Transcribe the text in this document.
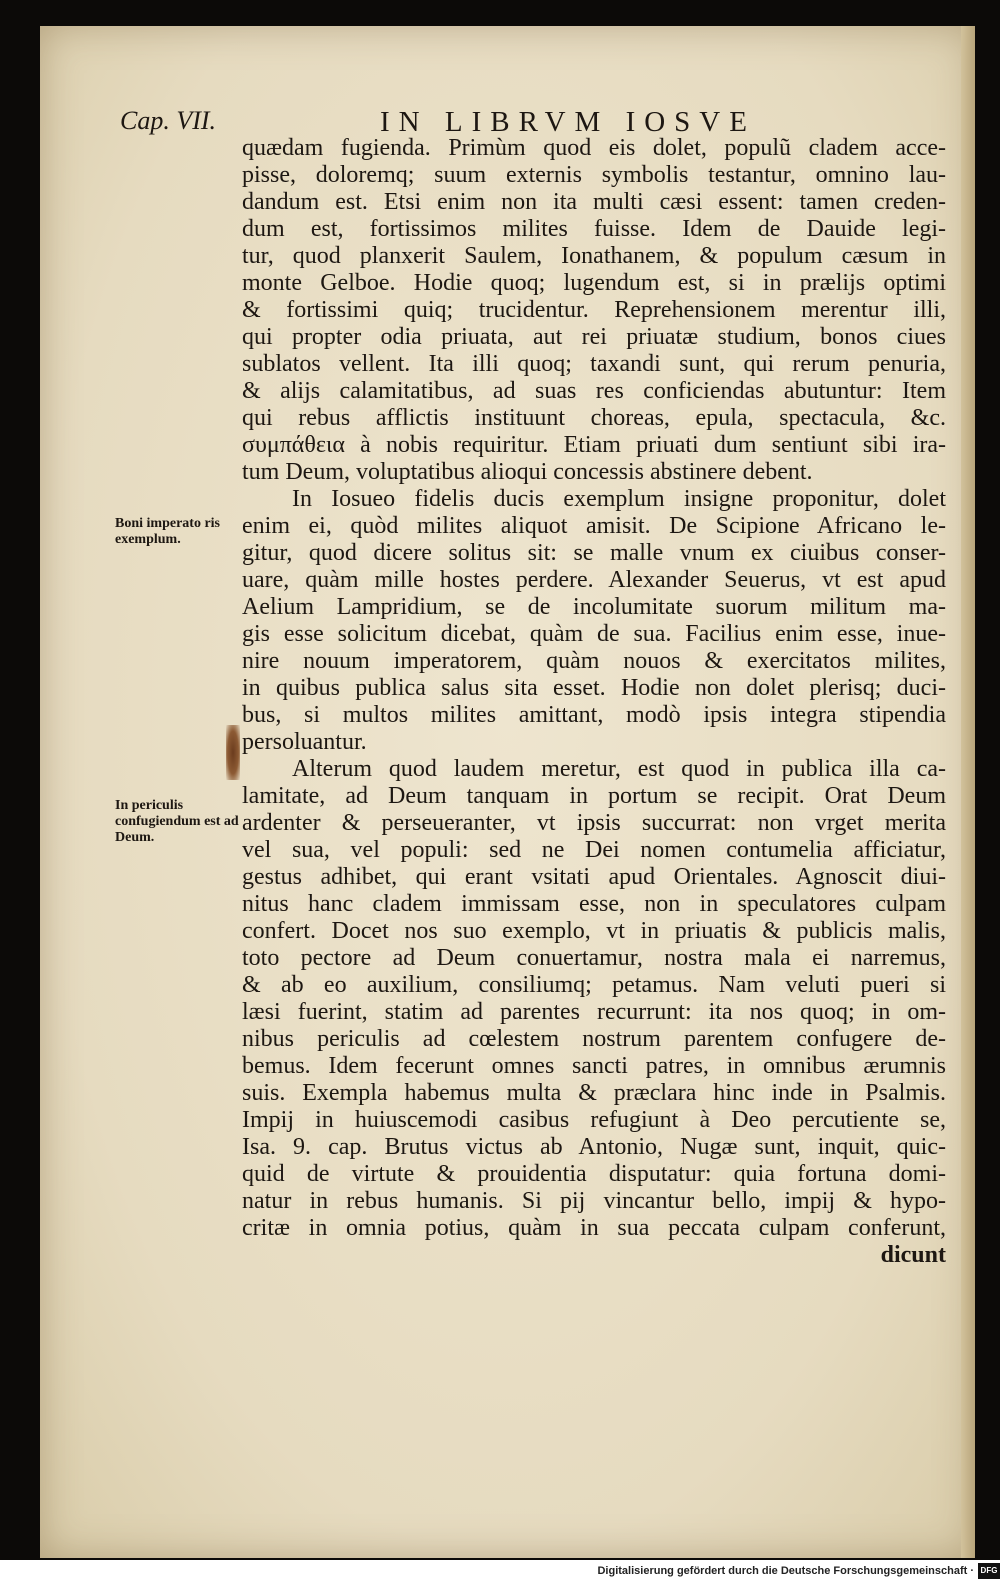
Cap. VII.	IN LIBRVM IOSVE
Boni imperato ris exemplum.
In periculis confugiendum est ad Deum.
quædam fugienda. Primùm quod eis dolet, populũ cladem acce-
pisse, doloremq; suum externis symbolis testantur, omnino lau-
dandum est. Etsi enim non ita multi cæsi essent: tamen creden-
dum est, fortissimos milites fuisse. Idem de Dauide legi-
tur, quod planxerit Saulem, Ionathanem, & populum cæsum in
monte Gelboe. Hodie quoq; lugendum est, si in prælijs optimi
& fortissimi quiq; trucidentur. Reprehensionem merentur illi,
qui propter odia priuata, aut rei priuatæ studium, bonos ciues
sublatos vellent. Ita illi quoq; taxandi sunt, qui rerum penuria,
& alijs calamitatibus, ad suas res conficiendas abutuntur: Item
qui rebus afflictis instituunt choreas, epula, spectacula, &c.
συμπάθεια à nobis requiritur. Etiam priuati dum sentiunt sibi ira-
tum Deum, voluptatibus alioqui concessis abstinere debent.
In Iosueo fidelis ducis exemplum insigne proponitur, dolet
enim ei, quòd milites aliquot amisit. De Scipione Africano le-
gitur, quod dicere solitus sit: se malle vnum ex ciuibus conser-
uare, quàm mille hostes perdere. Alexander Seuerus, vt est apud
Aelium Lampridium, se de incolumitate suorum militum ma-
gis esse solicitum dicebat, quàm de sua. Facilius enim esse, inue-
nire nouum imperatorem, quàm nouos & exercitatos milites,
in quibus publica salus sita esset. Hodie non dolet plerisq; duci-
bus, si multos milites amittant, modò ipsis integra stipendia
persoluantur.
Alterum quod laudem meretur, est quod in publica illa ca-
lamitate, ad Deum tanquam in portum se recipit. Orat Deum
ardenter & perseueranter, vt ipsis succurrat: non vrget merita
vel sua, vel populi: sed ne Dei nomen contumelia afficiatur,
gestus adhibet, qui erant vsitati apud Orientales. Agnoscit diui-
nitus hanc cladem immissam esse, non in speculatores culpam
confert. Docet nos suo exemplo, vt in priuatis & publicis malis,
toto pectore ad Deum conuertamur, nostra mala ei narremus,
& ab eo auxilium, consiliumq; petamus. Nam veluti pueri si
læsi fuerint, statim ad parentes recurrunt: ita nos quoq; in om-
nibus periculis ad cœlestem nostrum parentem confugere de-
bemus. Idem fecerunt omnes sancti patres, in omnibus ærumnis
suis. Exempla habemus multa & præclara hinc inde in Psalmis.
Impij in huiuscemodi casibus refugiunt à Deo percutiente se,
Isa. 9. cap. Brutus victus ab Antonio, Nugæ sunt, inquit, quic-
quid de virtute & prouidentia disputatur: quia fortuna domi-
natur in rebus humanis. Si pij vincantur bello, impij & hypo-
critæ in omnia potius, quàm in sua peccata culpam conferunt,
dicunt
Digitalisierung gefördert durch die Deutsche Forschungsgemeinschaft · DFG
